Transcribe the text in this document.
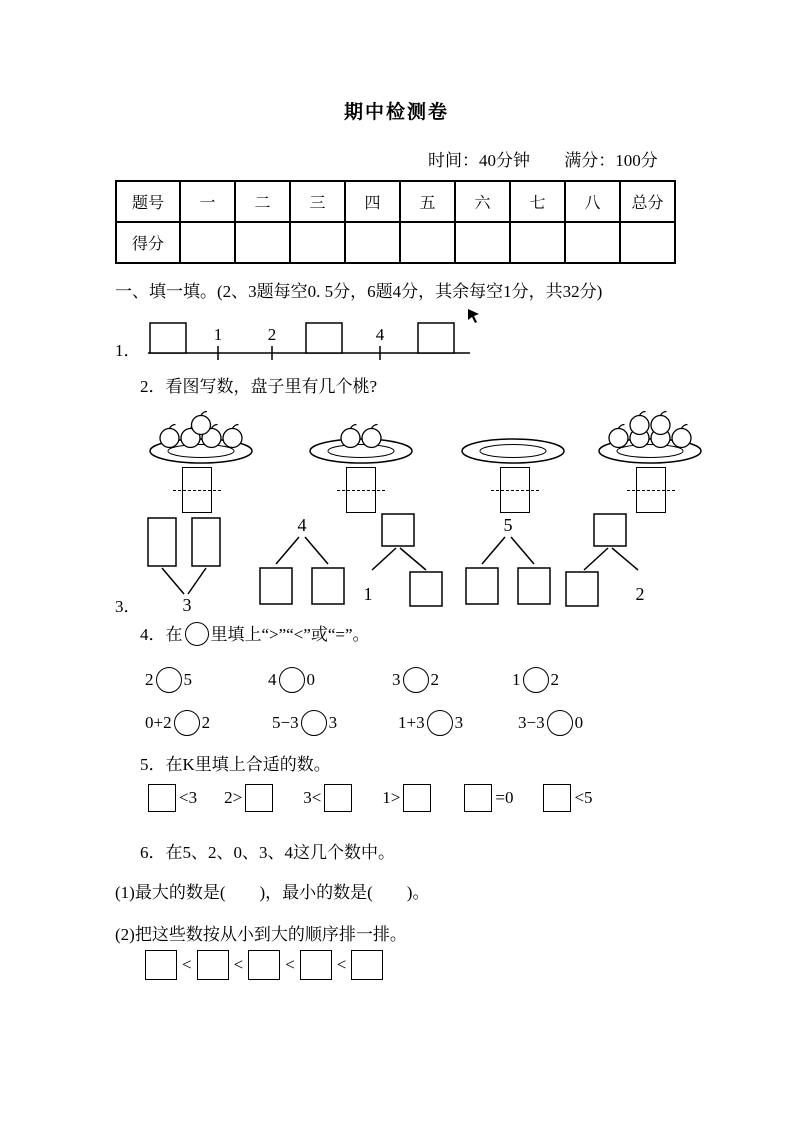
期中检测卷
时间：40分钟 满分：100分
题号	一	二	三	四	五	六	七	八	总分
得分									
一、填一填。(2、3题每空0. 5分，6题4分，其余每空1分，共32分)
1．
1	2	4
2．看图写数，盘子里有几个桃?
3． 3
4
1
5
2
4．在 里填上“>”“<”或“=”。
2 5	4 0	3 2	1 2
0+2 2	5−3 3	1+3 3	3−3 0
5．在K里填上合适的数。
<3 2>	3<	1>	=0	<5
6．在5、2、0、3、4这几个数中。
(1)最大的数是(　　)，最小的数是(　　)。
(2)把这些数按从小到大的顺序排一排。
< < < <
